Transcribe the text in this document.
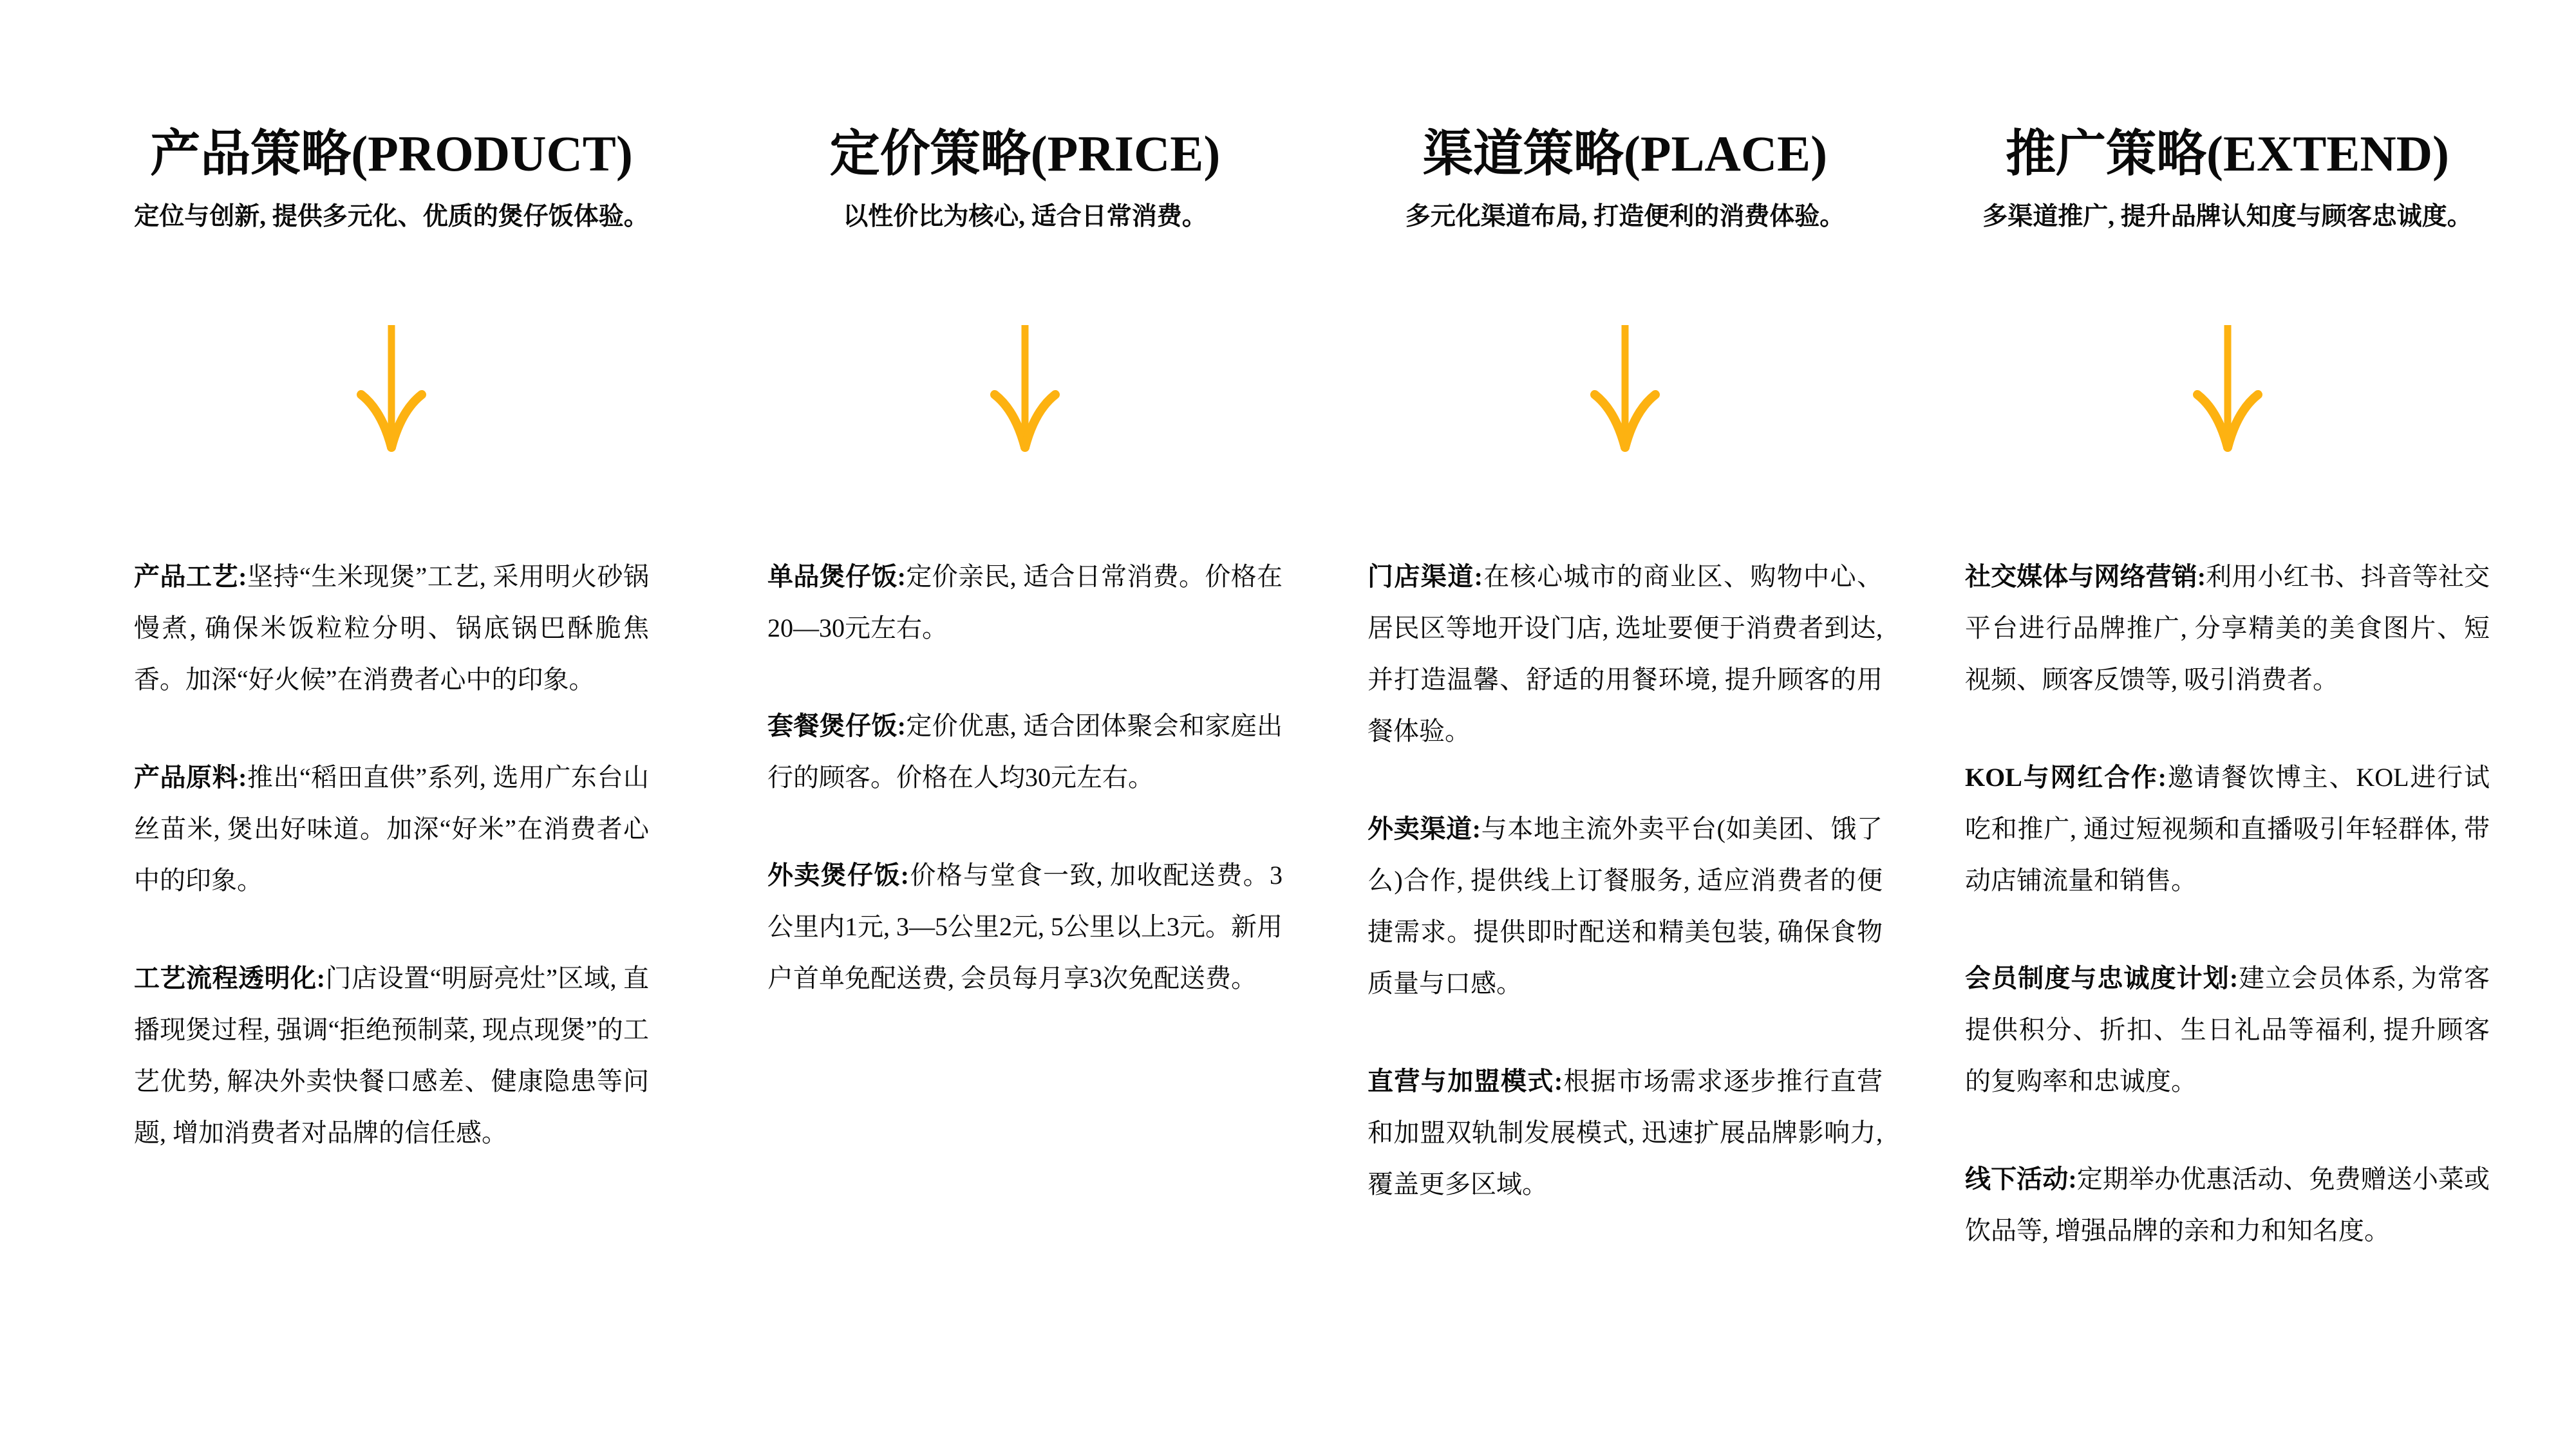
产品策略(PRODUCT)

定位与创新, 提供多元化、优质的煲仔饭体验。

产品工艺:坚持“生米现煲”工艺, 采用明火砂锅慢煮, 确保米饭粒粒分明、锅底锅巴酥脆焦香。加深“好火候”在消费者心中的印象。

产品原料:推出“稻田直供”系列, 选用广东台山丝苗米, 煲出好味道。加深“好米”在消费者心中的印象。

工艺流程透明化:门店设置“明厨亮灶”区域, 直播现煲过程, 强调“拒绝预制菜, 现点现煲”的工艺优势, 解决外卖快餐口感差、健康隐患等问题, 增加消费者对品牌的信任感。

定价策略(PRICE)

以性价比为核心, 适合日常消费。

单品煲仔饭:定价亲民, 适合日常消费。价格在20—30元左右。

套餐煲仔饭:定价优惠, 适合团体聚会和家庭出行的顾客。价格在人均30元左右。

外卖煲仔饭:价格与堂食一致, 加收配送费。3公里内1元, 3—5公里2元, 5公里以上3元。新用户首单免配送费, 会员每月享3次免配送费。

渠道策略(PLACE)

多元化渠道布局, 打造便利的消费体验。

门店渠道:在核心城市的商业区、购物中心、居民区等地开设门店, 选址要便于消费者到达, 并打造温馨、舒适的用餐环境, 提升顾客的用餐体验。

外卖渠道:与本地主流外卖平台(如美团、饿了么)合作, 提供线上订餐服务, 适应消费者的便捷需求。提供即时配送和精美包装, 确保食物质量与口感。

直营与加盟模式:根据市场需求逐步推行直营和加盟双轨制发展模式, 迅速扩展品牌影响力, 覆盖更多区域。

推广策略(EXTEND)

多渠道推广, 提升品牌认知度与顾客忠诚度。

社交媒体与网络营销:利用小红书、抖音等社交平台进行品牌推广, 分享精美的美食图片、短视频、顾客反馈等, 吸引消费者。

KOL与网红合作:邀请餐饮博主、KOL进行试吃和推广, 通过短视频和直播吸引年轻群体, 带动店铺流量和销售。

会员制度与忠诚度计划:建立会员体系, 为常客提供积分、折扣、生日礼品等福利, 提升顾客的复购率和忠诚度。

线下活动:定期举办优惠活动、免费赠送小菜或饮品等, 增强品牌的亲和力和知名度。
